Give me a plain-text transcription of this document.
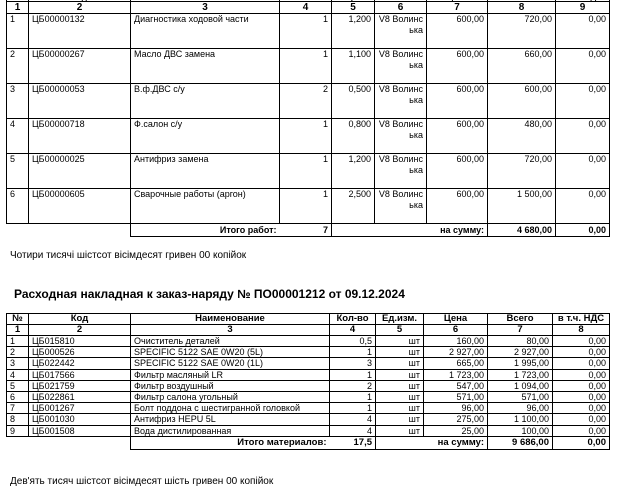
1	2	3	4	5	6	7	8	9
1	ЦБ00000132	Диагностика ходовой части	1	1,200	V8 Волинська	600,00	720,00	0,00
2	ЦБ00000267	Масло ДВС замена	1	1,100	V8 Волинська	600,00	660,00	0,00
3	ЦБ00000053	В.ф.ДВС с/у	2	0,500	V8 Волинська	600,00	600,00	0,00
4	ЦБ00000718	Ф.салон с/у	1	0,800	V8 Волинська	600,00	480,00	0,00
5	ЦБ00000025	Антифриз замена	1	1,200	V8 Волинська	600,00	720,00	0,00
6	ЦБ00000605	Сварочные работы (аргон)	1	2,500	V8 Волинська	600,00	1 500,00	0,00
		Итого работ:	7	на сумму:			4 680,00	0,00
Чотири тисячі шістсот вісімдесят гривен 00 копійок
Расходная накладная к заказ-наряду № ПО00001212 от 09.12.2024
№	Код	Наименование	Кол-во	Ед.изм.	Цена	Всего	в т.ч. НДС
1	2	3	4	5	6	7	8
1	ЦБ015810	Очиститель деталей	0,5	шт	160,00	80,00	0,00
2	ЦБ000526	SPECIFIC 5122 SAE 0W20 (5L)	1	шт	2 927,00	2 927,00	0,00
3	ЦБ022442	SPECIFIC 5122 SAE 0W20 (1L)	3	шт	665,00	1 995,00	0,00
4	ЦБ017566	Фильтр масляный LR	1	шт	1 723,00	1 723,00	0,00
5	ЦБ021759	Фильтр воздушный	2	шт	547,00	1 094,00	0,00
6	ЦБ022861	Фильтр салона угольный	1	шт	571,00	571,00	0,00
7	ЦБ001267	Болт поддона с шестигранной головкой	1	шт	96,00	96,00	0,00
8	ЦБ001030	Антифриз HEPU 5L	4	шт	275,00	1 100,00	0,00
9	ЦБ001508	Вода дистилированная	4	шт	25,00	100,00	0,00
		Итого материалов:	17,5	на сумму:		9 686,00	0,00
Дев'ять тисяч шістсот вісімдесят шість гривен 00 копійок
